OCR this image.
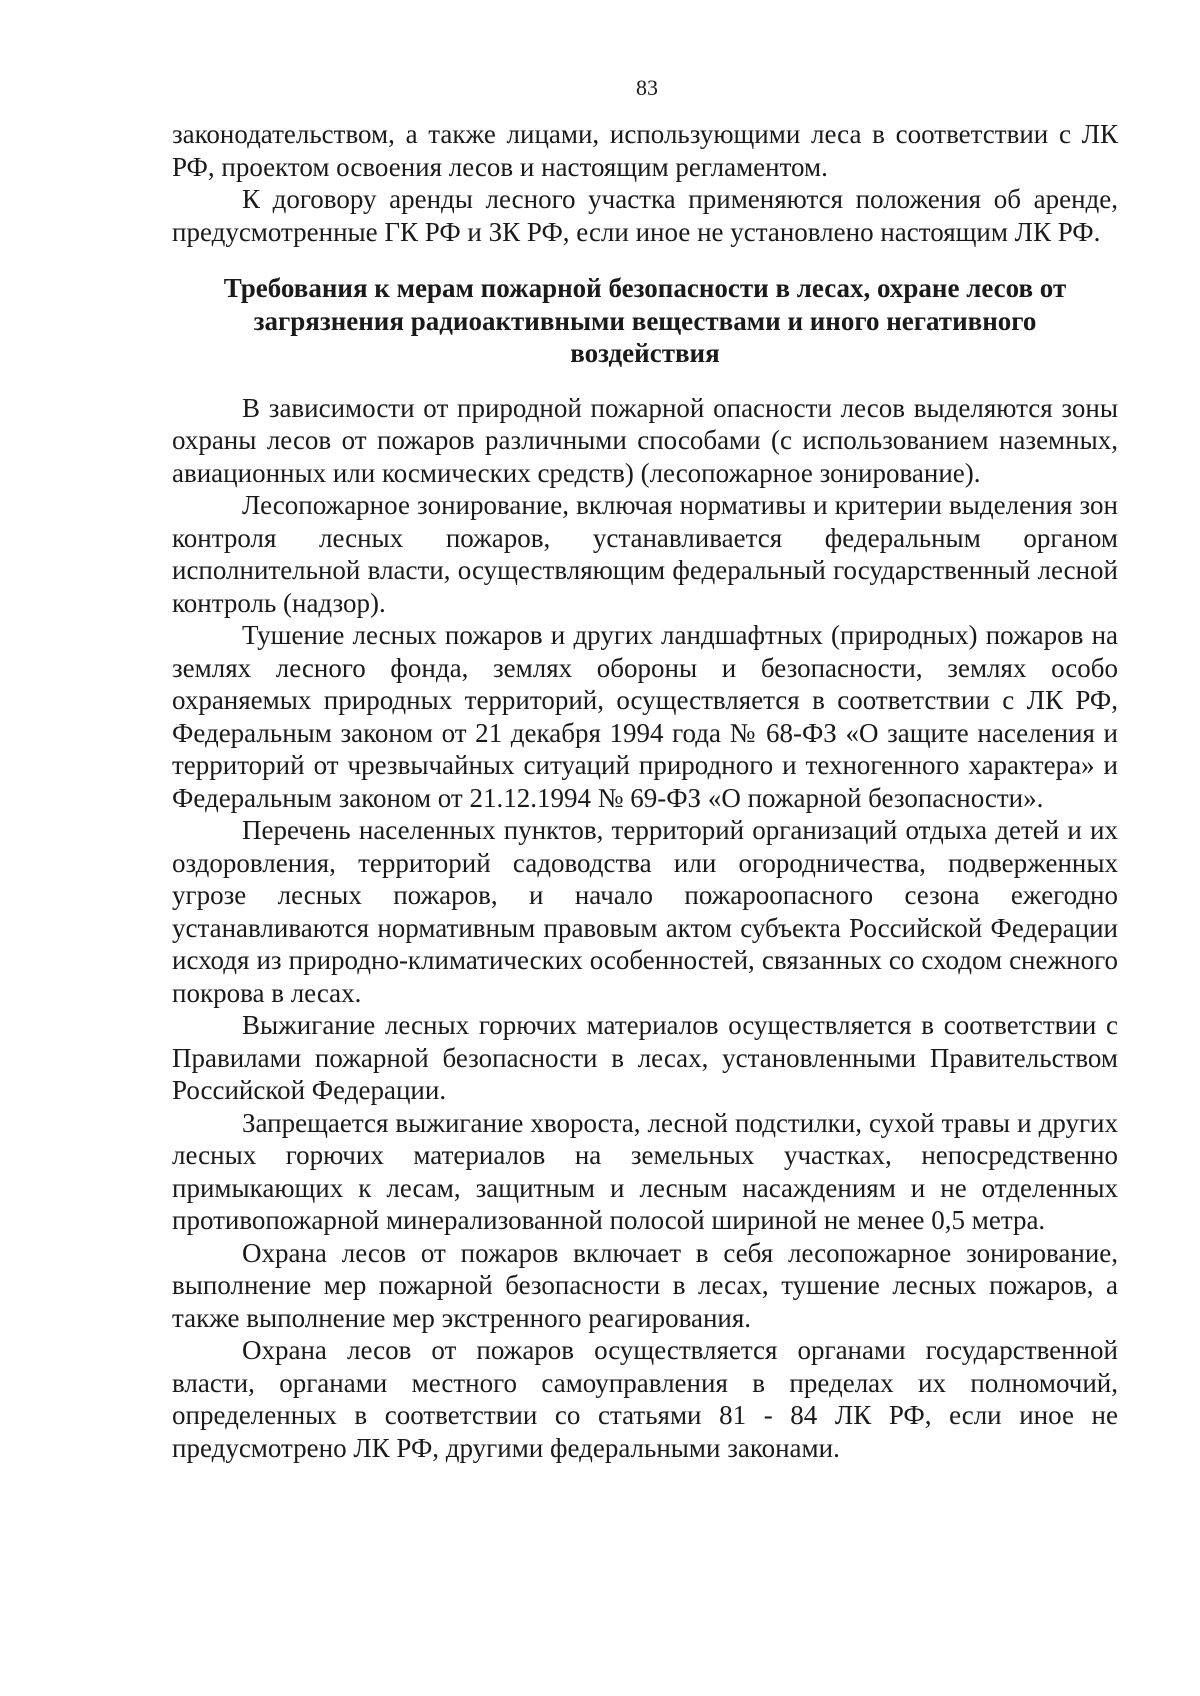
83

законодательством, а также лицами, использующими леса в соответствии с ЛК РФ, проектом освоения лесов и настоящим регламентом.

К договору аренды лесного участка применяются положения об аренде, предусмотренные ГК РФ и ЗК РФ, если иное не установлено настоящим ЛК РФ.

Требования к мерам пожарной безопасности в лесах, охране лесов от загрязнения радиоактивными веществами и иного негативного воздействия

В зависимости от природной пожарной опасности лесов выделяются зоны охраны лесов от пожаров различными способами (с использованием наземных, авиационных или космических средств) (лесопожарное зонирование).

Лесопожарное зонирование, включая нормативы и критерии выделения зон контроля лесных пожаров, устанавливается федеральным органом исполнительной власти, осуществляющим федеральный государственный лесной контроль (надзор).

Тушение лесных пожаров и других ландшафтных (природных) пожаров на землях лесного фонда, землях обороны и безопасности, землях особо охраняемых природных территорий, осуществляется в соответствии с ЛК РФ, Федеральным законом от 21 декабря 1994 года № 68-ФЗ «О защите населения и территорий от чрезвычайных ситуаций природного и техногенного характера» и Федеральным законом от 21.12.1994 № 69-ФЗ «О пожарной безопасности».

Перечень населенных пунктов, территорий организаций отдыха детей и их оздоровления, территорий садоводства или огородничества, подверженных угрозе лесных пожаров, и начало пожароопасного сезона ежегодно устанавливаются нормативным правовым актом субъекта Российской Федерации исходя из природно-климатических особенностей, связанных со сходом снежного покрова в лесах.

Выжигание лесных горючих материалов осуществляется в соответствии с Правилами пожарной безопасности в лесах, установленными Правительством Российской Федерации.

Запрещается выжигание хвороста, лесной подстилки, сухой травы и других лесных горючих материалов на земельных участках, непосредственно примыкающих к лесам, защитным и лесным насаждениям и не отделенных противопожарной минерализованной полосой шириной не менее 0,5 метра.

Охрана лесов от пожаров включает в себя лесопожарное зонирование, выполнение мер пожарной безопасности в лесах, тушение лесных пожаров, а также выполнение мер экстренного реагирования.

Охрана лесов от пожаров осуществляется органами государственной власти, органами местного самоуправления в пределах их полномочий, определенных в соответствии со статьями 81 - 84 ЛК РФ, если иное не предусмотрено ЛК РФ, другими федеральными законами.
